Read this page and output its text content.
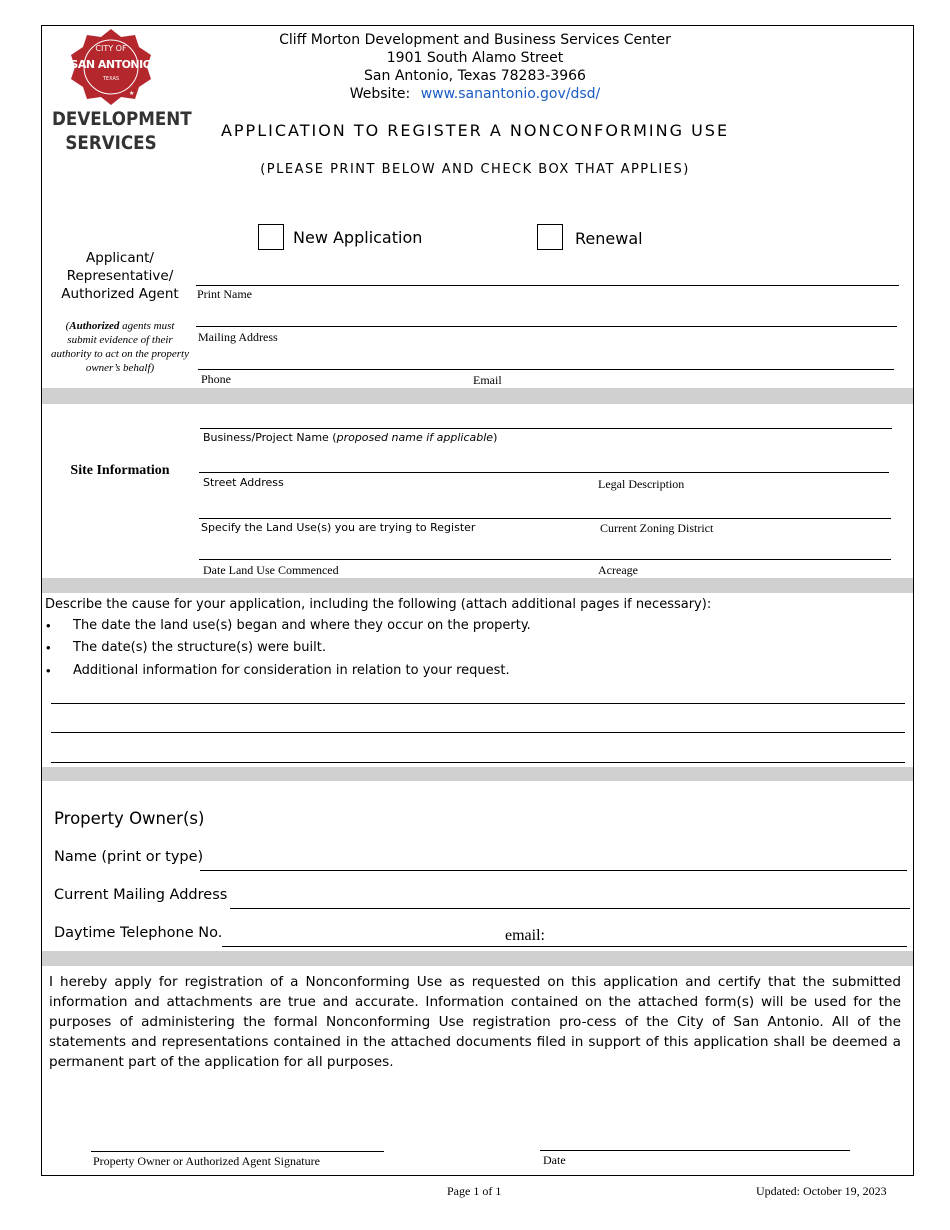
★
CITY OF
SAN ANTONIO
TEXAS
DEVELOPMENT
SERVICES
Cliff Morton Development and Business Services Center
1901 South Alamo Street
San Antonio, Texas 78283-3966
Website: www.sanantonio.gov/dsd/
APPLICATION TO REGISTER A NONCONFORMING USE
(PLEASE PRINT BELOW AND CHECK BOX THAT APPLIES)
New Application	Renewal
Applicant/
Representative/
Authorized Agent
(Authorized agents must submit evidence of their authority to act on the property owner’s behalf)
Print Name
Mailing Address
Phone	Email
Site Information
Business/Project Name (proposed name if applicable)
Street Address	Legal Description
Specify the Land Use(s) you are trying to Register	Current Zoning District
Date Land Use Commenced	Acreage
Describe the cause for your application, including the following (attach additional pages if necessary):
• The date the land use(s) began and where they occur on the property.
• The date(s) the structure(s) were built.
• Additional information for consideration in relation to your request.
Property Owner(s)
Name (print or type)
Current Mailing Address
Daytime Telephone No.	email:
I hereby apply for registration of a Nonconforming Use as requested on this application and certify that the submitted information and attachments are true and accurate. Information contained on the attached form(s) will be used for the purposes of administering the formal Nonconforming Use registration pro-cess of the City of San Antonio. All of the statements and representations contained in the attached documents filed in support of this application shall be deemed a permanent part of the application for all purposes.
Property Owner or Authorized Agent Signature	Date
Page 1 of 1	Updated: October 19, 2023
